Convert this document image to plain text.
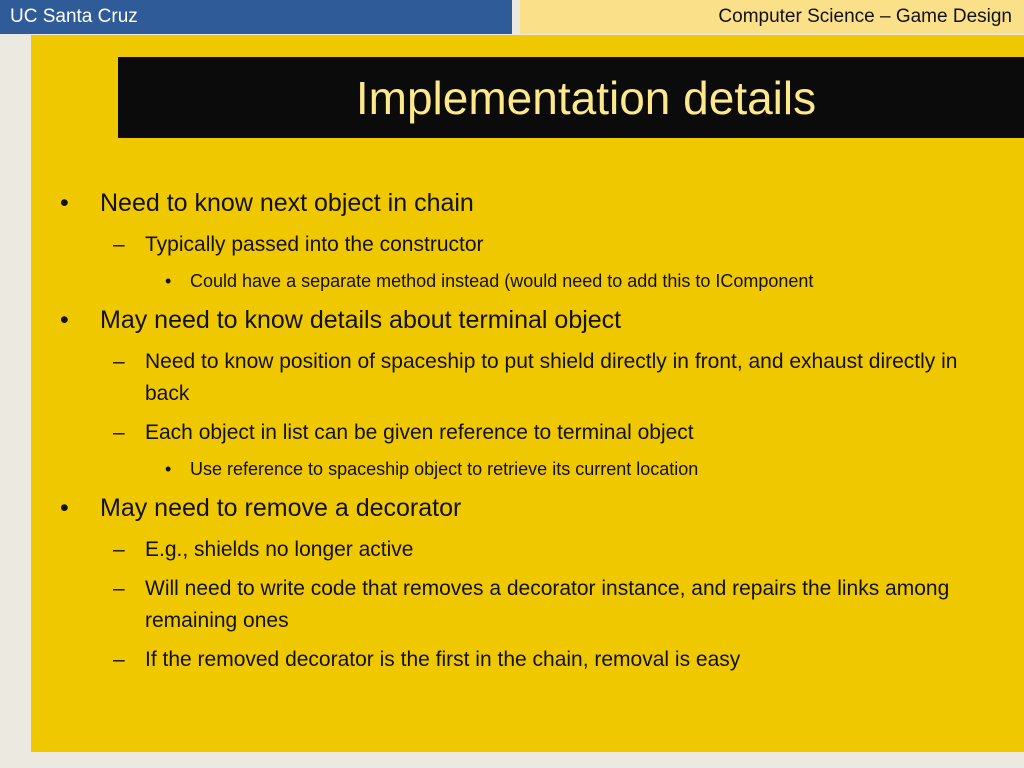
UC Santa Cruz	Computer Science – Game Design
Implementation details
• Need to know next object in chain
– Typically passed into the constructor
• Could have a separate method instead (would need to add this to IComponent
• May need to know details about terminal object
– Need to know position of spaceship to put shield directly in front, and exhaust directly in back
– Each object in list can be given reference to terminal object
• Use reference to spaceship object to retrieve its current location
• May need to remove a decorator
– E.g., shields no longer active
– Will need to write code that removes a decorator instance, and repairs the links among remaining ones
– If the removed decorator is the first in the chain, removal is easy
